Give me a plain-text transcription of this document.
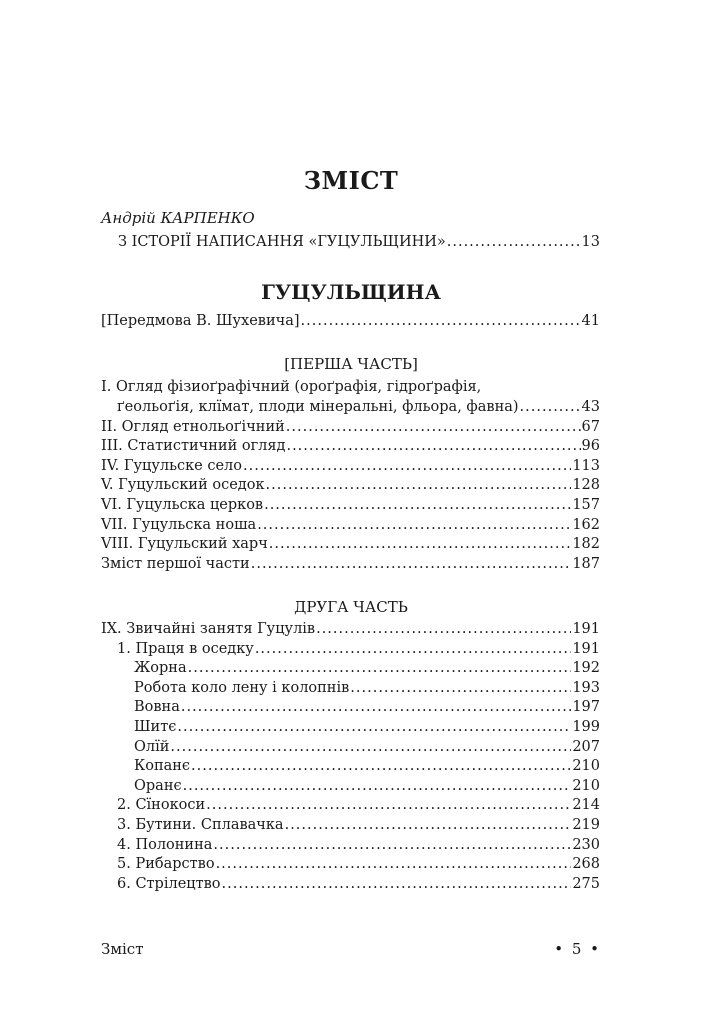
ЗМІСТ
Андрій КАРПЕНКО
З ІСТОРІЇ НАПИСАННЯ «ГУЦУЛЬЩИНИ» .....	13
ГУЦУЛЬЩИНА
[Передмова В. Шухевича] .....	41
[ПЕРША ЧАСТЬ]
I. Огляд фізиоґрафічний (ороґрафія, гідроґрафія,
ґеольоґія, клїмат, плоди мінеральні, фльора, фавна) .....	43
II. Огляд етнольоґічний .....	67
III. Статистичний огляд .....	96
IV. Гуцульске село .....	113
V. Гуцульский оседок .....	128
VI. Гуцульска церков .....	157
VII. Гуцульска ноша .....	162
VIII. Гуцульский харч .....	182
Зміст першої части .....	187
ДРУГА ЧАСТЬ
IX. Звичайні занятя Гуцулів .....	191
1. Праця в оседку .....	191
Жорна .....	192
Робота коло лену і колопнів .....	193
Вовна .....	197
Шитє .....	199
Олїй .....	207
Копанє .....	210
Оранє .....	210
2. Сїнокоси .....	214
3. Бутини. Сплавачка .....	219
4. Полонина .....	230
5. Рибарство .....	268
6. Стрілецтво .....	275
Зміст	• 5 •
